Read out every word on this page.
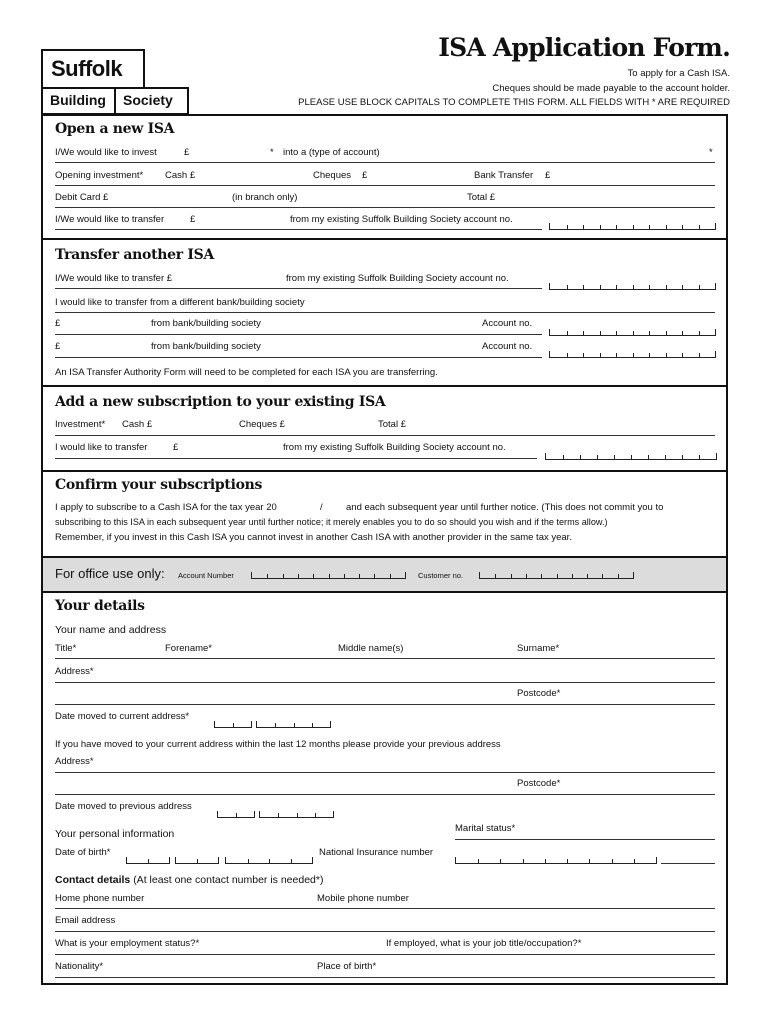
Suffolk
Building Society
ISA Application Form.
To apply for a Cash ISA.
Cheques should be made payable to the account holder.
PLEASE USE BLOCK CAPITALS TO COMPLETE THIS FORM. ALL FIELDS WITH * ARE REQUIRED
Open a new ISA
I/We would like to invest	£	* into a (type of account)	*
Opening investment* Cash £	Cheques £	Bank Transfer £
Debit Card £	(in branch only)	Total £
I/We would like to transfer	£	from my existing Suffolk Building Society account no.
Transfer another ISA
I/We would like to transfer £	from my existing Suffolk Building Society account no.
I would like to transfer from a different bank/building society
£	from bank/building society	Account no.
£	from bank/building society	Account no.
An ISA Transfer Authority Form will need to be completed for each ISA you are transferring.
Add a new subscription to your existing ISA
Investment* Cash £	Cheques £	Total £
I would like to transfer	£	from my existing Suffolk Building Society account no.
Confirm your subscriptions
I apply to subscribe to a Cash ISA for the tax year 20	/ and each subsequent year until further notice. (This does not commit you to
subscribing to this ISA in each subsequent year until further notice; it merely enables you to do so should you wish and if the terms allow.)
Remember, if you invest in this Cash ISA you cannot invest in another Cash ISA with another provider in the same tax year.
For office use only: Account Number	Customer no.
Your details
Your name and address
Title*	Forename*	Middle name(s)	Surname*
Address*
Postcode*
Date moved to current address*
If you have moved to your current address within the last 12 months please provide your previous address
Address*
Postcode*
Date moved to previous address
Your personal information	Marital status*
Date of birth*	National Insurance number
Contact details (At least one contact number is needed*)
Home phone number	Mobile phone number
Email address
What is your employment status?*	If employed, what is your job title/occupation?*
Nationality*	Place of birth*
